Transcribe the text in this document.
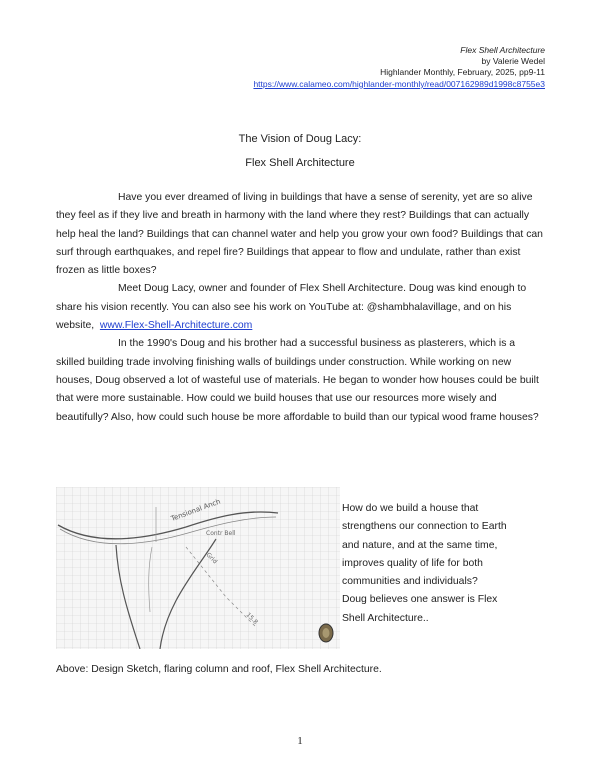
Flex Shell Architecture
by Valerie Wedel
Highlander Monthly, February, 2025, pp9-11
https://www.calameo.com/highlander-monthly/read/007162989d1998c8755e3
The Vision of Doug Lacy:
Flex Shell Architecture

Have you ever dreamed of living in buildings that have a sense of serenity, yet are so alive they feel as if they live and breath in harmony with the land where they rest? Buildings that can actually help heal the land? Buildings that can channel water and help you grow your own food? Buildings that can surf through earthquakes, and repel fire? Buildings that appear to flow and undulate, rather than exist frozen as little boxes?

Meet Doug Lacy, owner and founder of Flex Shell Architecture. Doug was kind enough to share his vision recently. You can also see his work on YouTube at: @shambhalavillage, and on his website, www.Flex-Shell-Architecture.com

In the 1990's Doug and his brother had a successful business as plasterers, which is a skilled building trade involving finishing walls of buildings under construction. While working on new houses, Doug observed a lot of wasteful use of materials. He began to wonder how houses could be built that were more sustainable. How could we build houses that use our resources more wisely and beautifully? Also, how could such house be more affordable to build than our typical wood frame houses?

Tensional Anch
Contr Bell
Grid
15.8

How do we build a house that

strengthens our connection to Earth

and nature, and at the same time,

improves quality of life for both

communities and individuals?

Doug believes one answer is Flex

Shell Architecture..

Above: Design Sketch, flaring column and roof, Flex Shell Architecture.
1
